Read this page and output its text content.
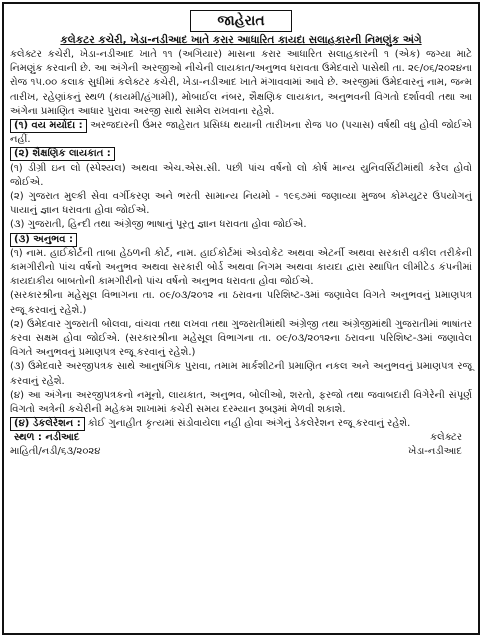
જાહેરાત
કલેકટર કચેરી, ખેડા-નડીઆદ ખાતે કરાર આધારિત કાયદા સલાહકારની નિમણુંક અંગે

કલેક્ટર કચેરી, ખેડા-નડીઆદ ખાતે ૧૧ (અગિયાર) માસના કરાર આધારિત સલાહકારની ૧ (એક) જગ્યા માટે નિમણુંક કરવાની છે. આ અંગેની અરજીઓ નીચેની લાયકાત/અનુભવ ધરાવતા ઉમેદવારો પાસેથી તા. ૨૯/૦૬/૨૦૨૪ના રોજ ૧૫.૦૦ કલાક સુધીમાં કલેક્ટર કચેરી, ખેડા-નડીઆદ ખાતે મંગાવવામાં આવે છે. અરજીમાં ઉમેદવારનું નામ, જન્મ તારીખ, રહેણાંકનું સ્થળ (કાયમી/હંગામી), મોબાઈલ નંબર, શૈક્ષણિક લાયકાત, અનુભવની વિગતો દર્શાવવી તથા આ અંગેના પ્રમાણિત આધાર પુરાવા અરજી સાથે સામેલ રાખવાના રહેશે.

(૧) વય મર્યાદા : અરજદારની ઉંમર જાહેરાત પ્રસિધ્ધ થયાની તારીખના રોજ ૫૦ (પચાસ) વર્ષથી વધુ હોવી જોઈએ નહીં.

(૨) શૈક્ષણિક લાયકાત :

(૧) ડીગ્રી ઇન લો (સ્પેશ્યલ) અથવા એચ.એસ.સી. પછી પાંચ વર્ષનો લો કોર્ષ માન્ય યુનિવર્સિટીમાંથી કરેલ હોવો જોઈએ.

(૨) ગુજરાત મુલ્કી સેવા વર્ગીકરણ અને ભરતી સામાન્ય નિયમો - ૧૯૬૭માં જણાવ્યા મુજબ કોમ્પ્યુટર ઉપયોગનું પાયાનું જ્ઞાન ધરાવતા હોવા જોઈએ.

(૩) ગુજરાતી, હિન્દી તથા અંગ્રેજી ભાષાનું પૂરતુ જ્ઞાન ધરાવતા હોવા જોઈએ.

(૩) અનુભવ :

(૧) નામ. હાઈકોર્ટની તાબા હેઠળની કોર્ટ, નામ. હાઈકોર્ટમાં એડવોકેટ અથવા એટર્ની અથવા સરકારી વકીલ તરીકેની કામગીરીનો પાંચ વર્ષનો અનુભવ અથવા સરકારી બોર્ડ અથવા નિગમ અથવા કાયદા દ્વારા સ્થાપિત લીમીટેડ કંપનીમાં કાયદાકીય બાબતોની કામગીરીનો પાંચ વર્ષનો અનુભવ ધરાવતા હોવા જોઈએ.

(સરકારશ્રીના મહેસૂલ વિભાગના તા. ૦૯/૦૩/૨૦૧૨ ના ઠરાવના પરિશિષ્ટ-૩માં જણાવેલ વિગતે અનુભવનું પ્રમાણપત્ર રજૂ કરવાનું રહેશે.)

(૨) ઉમેદવાર ગુજરાતી બોલવા, વાંચવા તથા લખવા તથા ગુજરાતીમાંથી અંગ્રેજી તથા અંગ્રેજીમાંથી ગુજરાતીમાં ભાષાંતર કરવા સક્ષમ હોવા જોઈએ. (સરકારશ્રીના મહેસૂલ વિભાગના તા. ૦૯/૦૩/૨૦૧૨ના ઠરાવના પરિશિષ્ટ-૩માં જણાવેલ વિગતે અનુભવનું પ્રમાણપત્ર રજૂ કરવાનું રહેશે.)

(૩) ઉમેદવારે અરજીપત્રક સાથે આનુષંગિક પુરાવા, તમામ માર્કશીટની પ્રમાણિત નકલ અને અનુભવનું પ્રમાણપત્ર રજૂ કરવાનું રહેશે.

(૪) આ અંગેના અરજીપત્રકનો નમૂનો, લાયકાત, અનુભવ, બોલીઓ, શરતો, ફરજો તથા જવાબદારી વિગેરેની સંપૂર્ણ વિગતો અત્રેની કચેરીની મહેકમ શાખામાં કચેરી સમય દરમ્યાન રૂબરૂમાં મેળવી શકાશે.

(૪) ડેકલેરેશન : કોઈ ગુનાહીત કૃત્યમાં સંડોવાયેલા નહી હોવા અંગેનું ડેકલેરેશન રજૂ કરવાનું રહેશે.

સ્થળ : નડીઆદ	કલેક્ટર
માહિતી/નડી/૬૩/૨૦૨૪	ખેડા-નડીઆદ
